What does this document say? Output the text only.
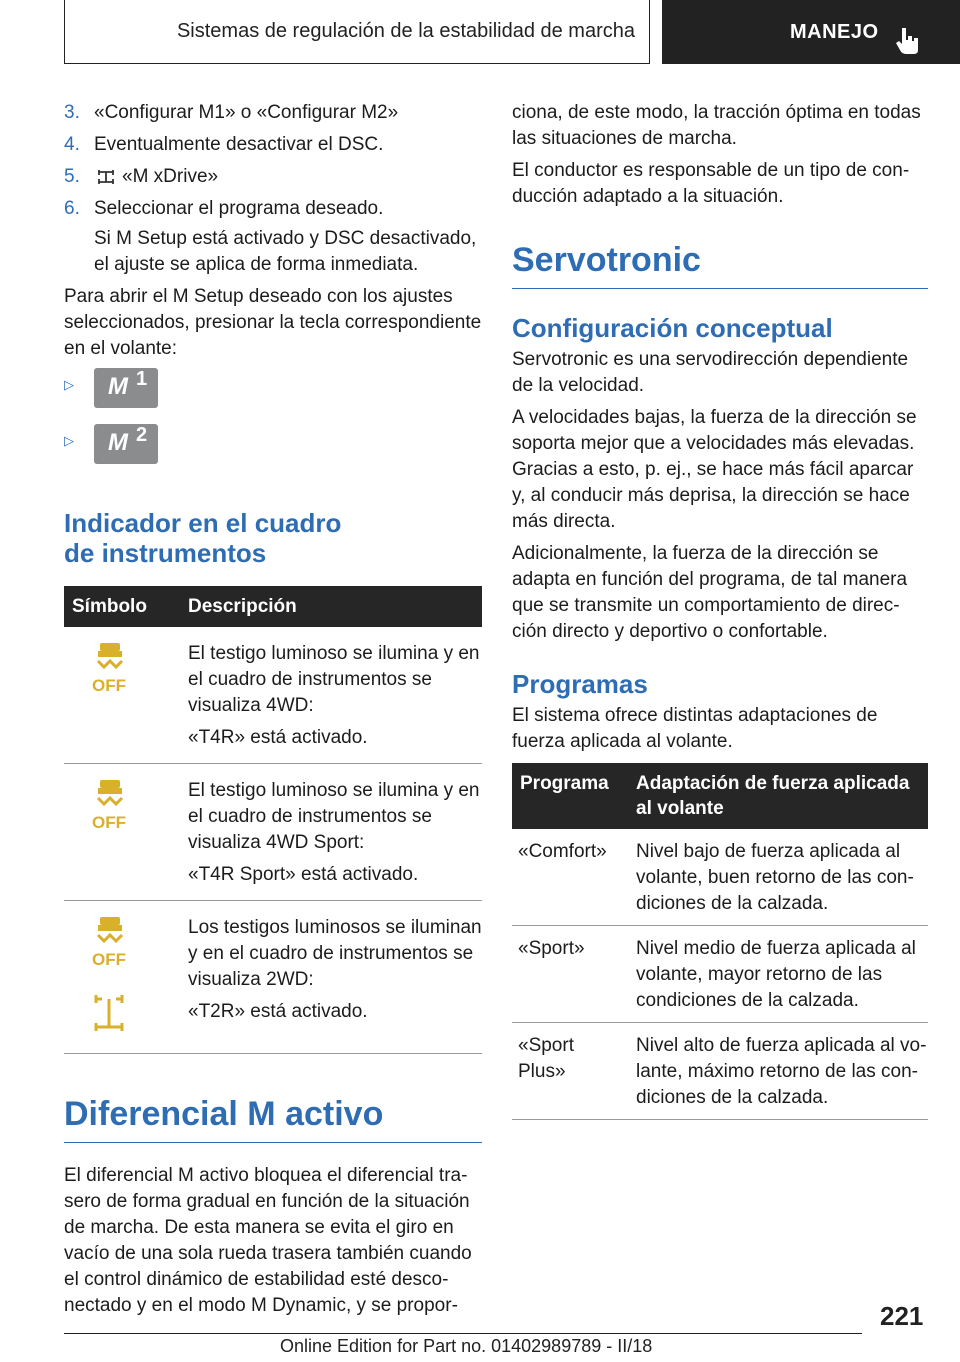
Sistemas de regulación de la estabilidad de marcha	MANEJO
3. «Configurar M1» o «Configurar M2»
4. Eventualmente desactivar el DSC.
5.	«M xDrive»
6. Seleccionar el programa deseado.
Si M Setup está activado y DSC desactivado, el ajuste se aplica de forma inmediata.

Para abrir el M Setup deseado con los ajustes seleccionados, presionar la tecla correspondiente en el volante:

▷	M 1
▷	M 2
Indicador en el cuadro
de instrumentos
Símbolo	Descripción

OFF	El testigo luminoso se ilumina y en el cuadro de instrumentos se visualiza 4WD:
«T4R» está activado.

OFF	El testigo luminoso se ilumina y en el cuadro de instrumentos se visualiza 4WD Sport:
«T4R Sport» está activado.

OFF	Los testigos luminosos se iluminan y en el cuadro de instrumentos se visualiza 2WD:
«T2R» está activado.
Diferencial M activo

El diferencial M activo bloquea el diferencial trasero de forma gradual en función de la situación de marcha. De esta manera se evita el giro en vacío de una sola rueda trasera también cuando el control dinámico de estabilidad esté desconectado y en el modo M Dynamic, y se propor-

ciona, de este modo, la tracción óptima en todas las situaciones de marcha.

El conductor es responsable de un tipo de conducción adaptado a la situación.

Servotronic
Configuración conceptual

Servotronic es una servodirección dependiente de la velocidad.

A velocidades bajas, la fuerza de la dirección se soporta mejor que a velocidades más elevadas. Gracias a esto, p. ej., se hace más fácil aparcar y, al conducir más deprisa, la dirección se hace más directa.

Adicionalmente, la fuerza de la dirección se adapta en función del programa, de tal manera que se transmite un comportamiento de dirección directo y deportivo o confortable.

Programas

El sistema ofrece distintas adaptaciones de fuerza aplicada al volante.

Programa	Adaptación de fuerza aplicada al volante
«Comfort»	Nivel bajo de fuerza aplicada al volante, buen retorno de las condiciones de la calzada.
«Sport»	Nivel medio de fuerza aplicada al volante, mayor retorno de las condiciones de la calzada.
«Sport Plus»	Nivel alto de fuerza aplicada al volante, máximo retorno de las condiciones de la calzada.
221
Online Edition for Part no. 01402989789 - II/18
